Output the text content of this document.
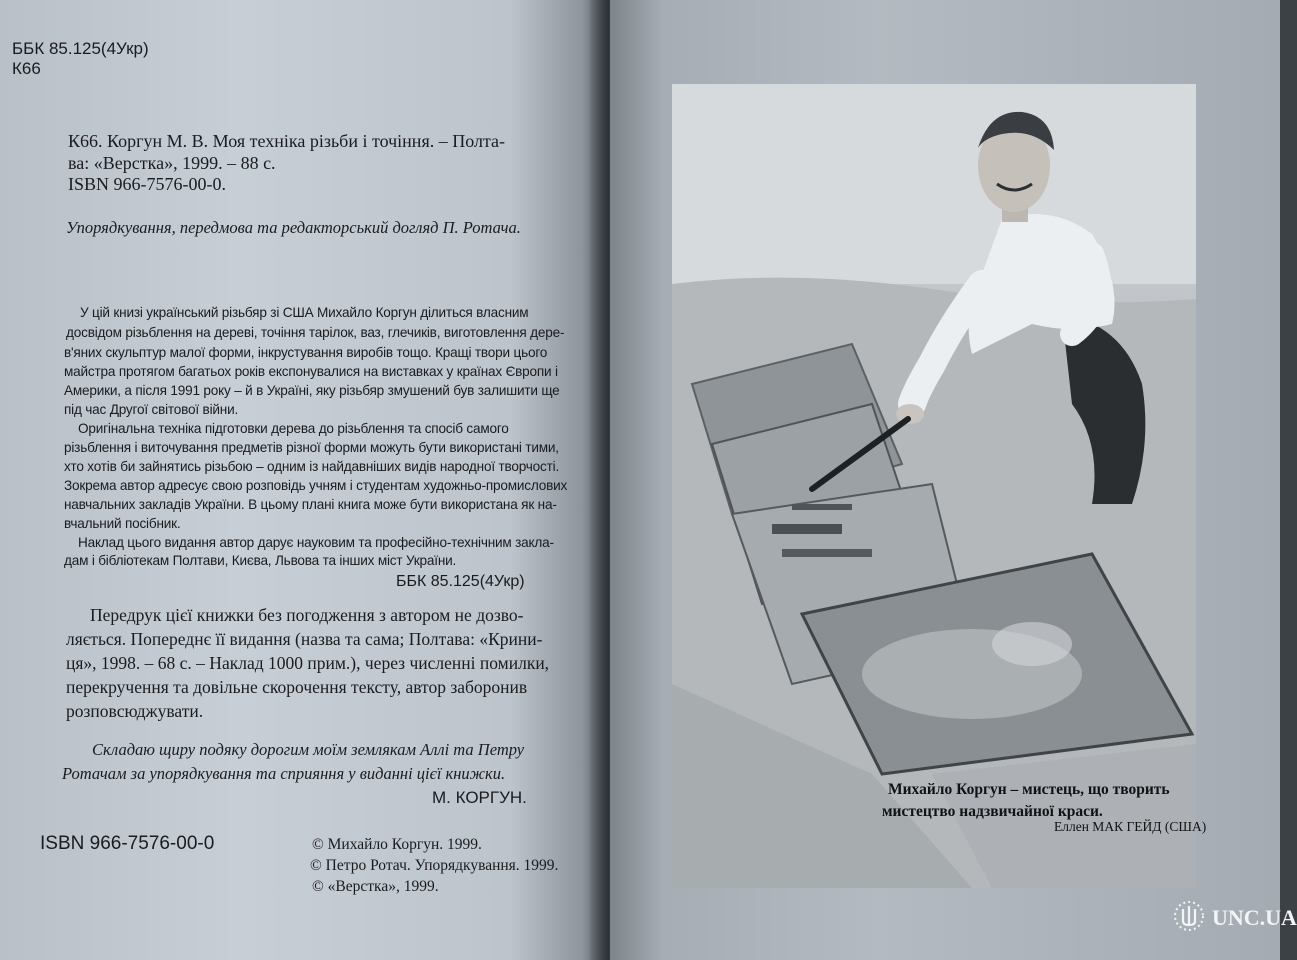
ББК 85.125(4Укр)
К66
К66. Коргун М. В. Моя техніка різьби і точіння. – Полта-
ва: «Верстка», 1999. – 88 с.
ISBN 966-7576-00-0.
Упорядкування, передмова та редакторський догляд П. Ротача.
У цій книзі український різьбяр зі США Михайло Коргун ділиться власним
досвідом різьблення на дереві, точіння тарілок, ваз, глечиків, виготовлення дере-
в'яних скульптур малої форми, інкрустування виробів тощо. Кращі твори цього
майстра протягом багатьох років експонувалися на виставках у країнах Європи і
Америки, а після 1991 року – й в Україні, яку різьбяр змушений був залишити ще
під час Другої світової війни.
Оригінальна техніка підготовки дерева до різьблення та спосіб самого
різьблення і виточування предметів різної форми можуть бути використані тими,
хто хотів би зайнятись різьбою – одним із найдавніших видів народної творчості.
Зокрема автор адресує свою розповідь учням і студентам художньо-промислових
навчальних закладів України. В цьому плані книга може бути використана як на-
вчальний посібник.
Наклад цього видання автор дарує науковим та професійно-технічним закла-
дам і бібліотекам Полтави, Києва, Львова та інших міст України.
ББК 85.125(4Укр)
Передрук цієї книжки без погодження з автором не дозво-
ляється. Попереднє її видання (назва та сама; Полтава: «Крини-
ця», 1998. – 68 с. – Наклад 1000 прим.), через численні помилки,
перекручення та довільне скорочення тексту, автор заборонив
розповсюджувати.
Складаю щиру подяку дорогим моїм землякам Аллі та Петру
Ротачам за упорядкування та сприяння у виданні цієї книжки.
М. КОРГУН.
ISBN 966-7576-00-0	© Михайло Коргун. 1999.
© Петро Ротач. Упорядкування. 1999.
© «Верстка», 1999.
Михайло Коргун – мистець, що творить
мистецтво надзвичайної краси.
Еллен МАК ГЕЙД (США)
UNC.UA
